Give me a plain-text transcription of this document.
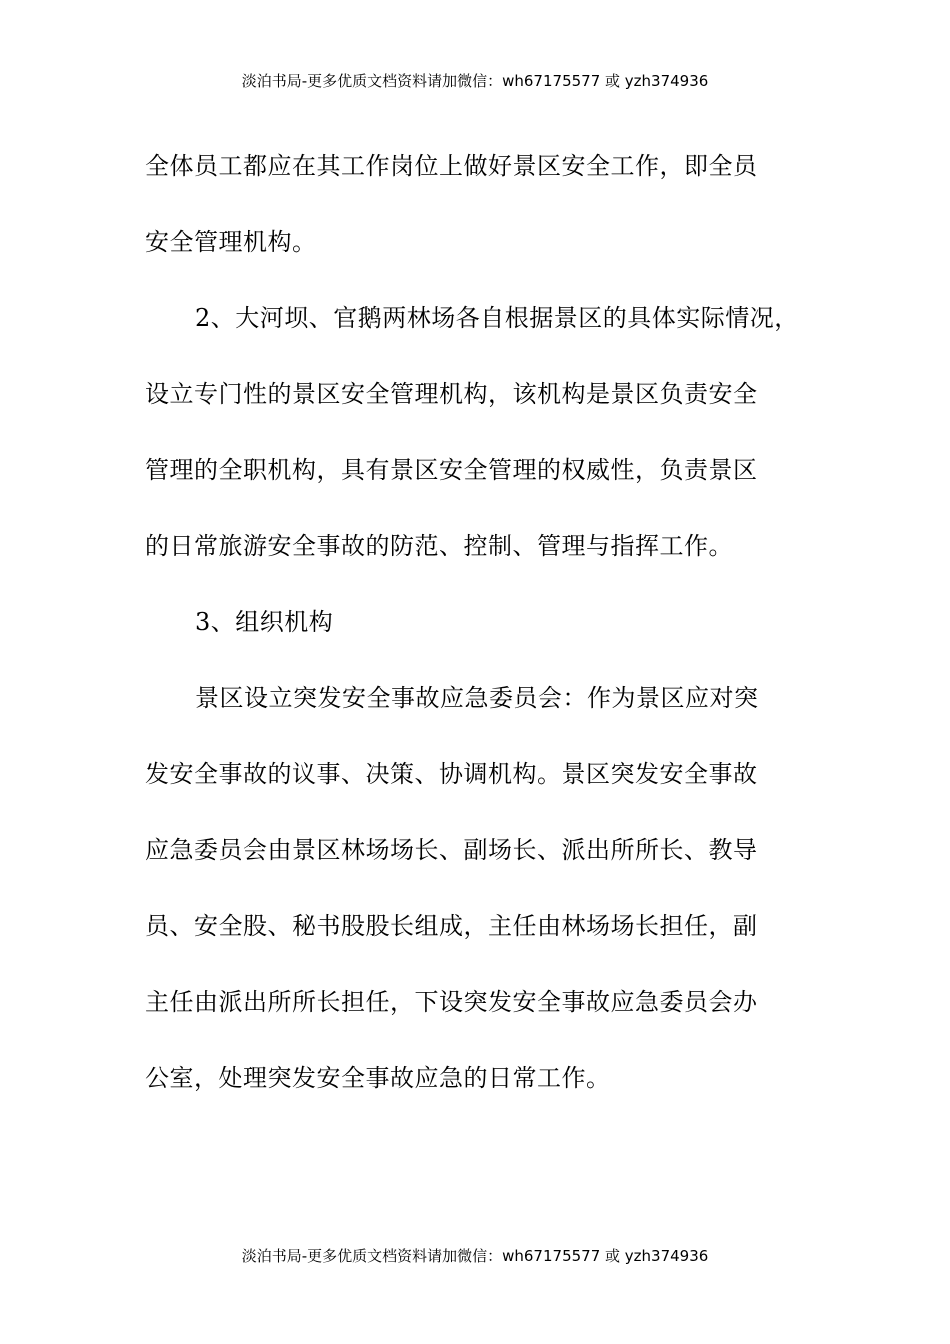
淡泊书局-更多优质文档资料请加微信：wh67175577 或 yzh374936
全体员工都应在其工作岗位上做好景区安全工作，即全员
安全管理机构。
2、大河坝、官鹅两林场各自根据景区的具体实际情况，
设立专门性的景区安全管理机构，该机构是景区负责安全
管理的全职机构，具有景区安全管理的权威性，负责景区
的日常旅游安全事故的防范、控制、管理与指挥工作。
3、组织机构
景区设立突发安全事故应急委员会：作为景区应对突
发安全事故的议事、决策、协调机构。景区突发安全事故
应急委员会由景区林场场长、副场长、派出所所长、教导
员、安全股、秘书股股长组成，主任由林场场长担任，副
主任由派出所所长担任，下设突发安全事故应急委员会办
公室，处理突发安全事故应急的日常工作。
淡泊书局-更多优质文档资料请加微信：wh67175577 或 yzh374936
